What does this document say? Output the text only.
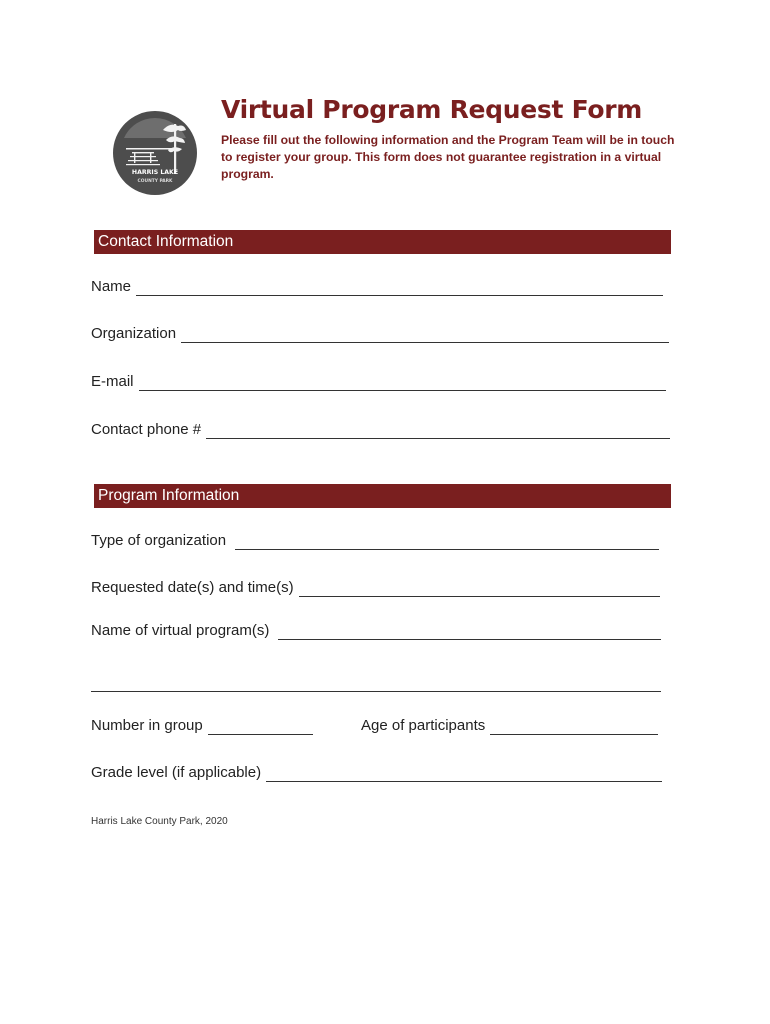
HARRIS LAKE
COUNTY PARK
Virtual Program Request Form

Please fill out the following information and the Program Team will be in touch to register your group. This form does not guarantee registration in a virtual program.

Contact Information
Name
Organization
E-mail
Contact phone #
Program Information
Type of organization
Requested date(s) and time(s)
Name of virtual program(s)
Number in group	Age of participants
Grade level (if applicable)
Harris Lake County Park, 2020
